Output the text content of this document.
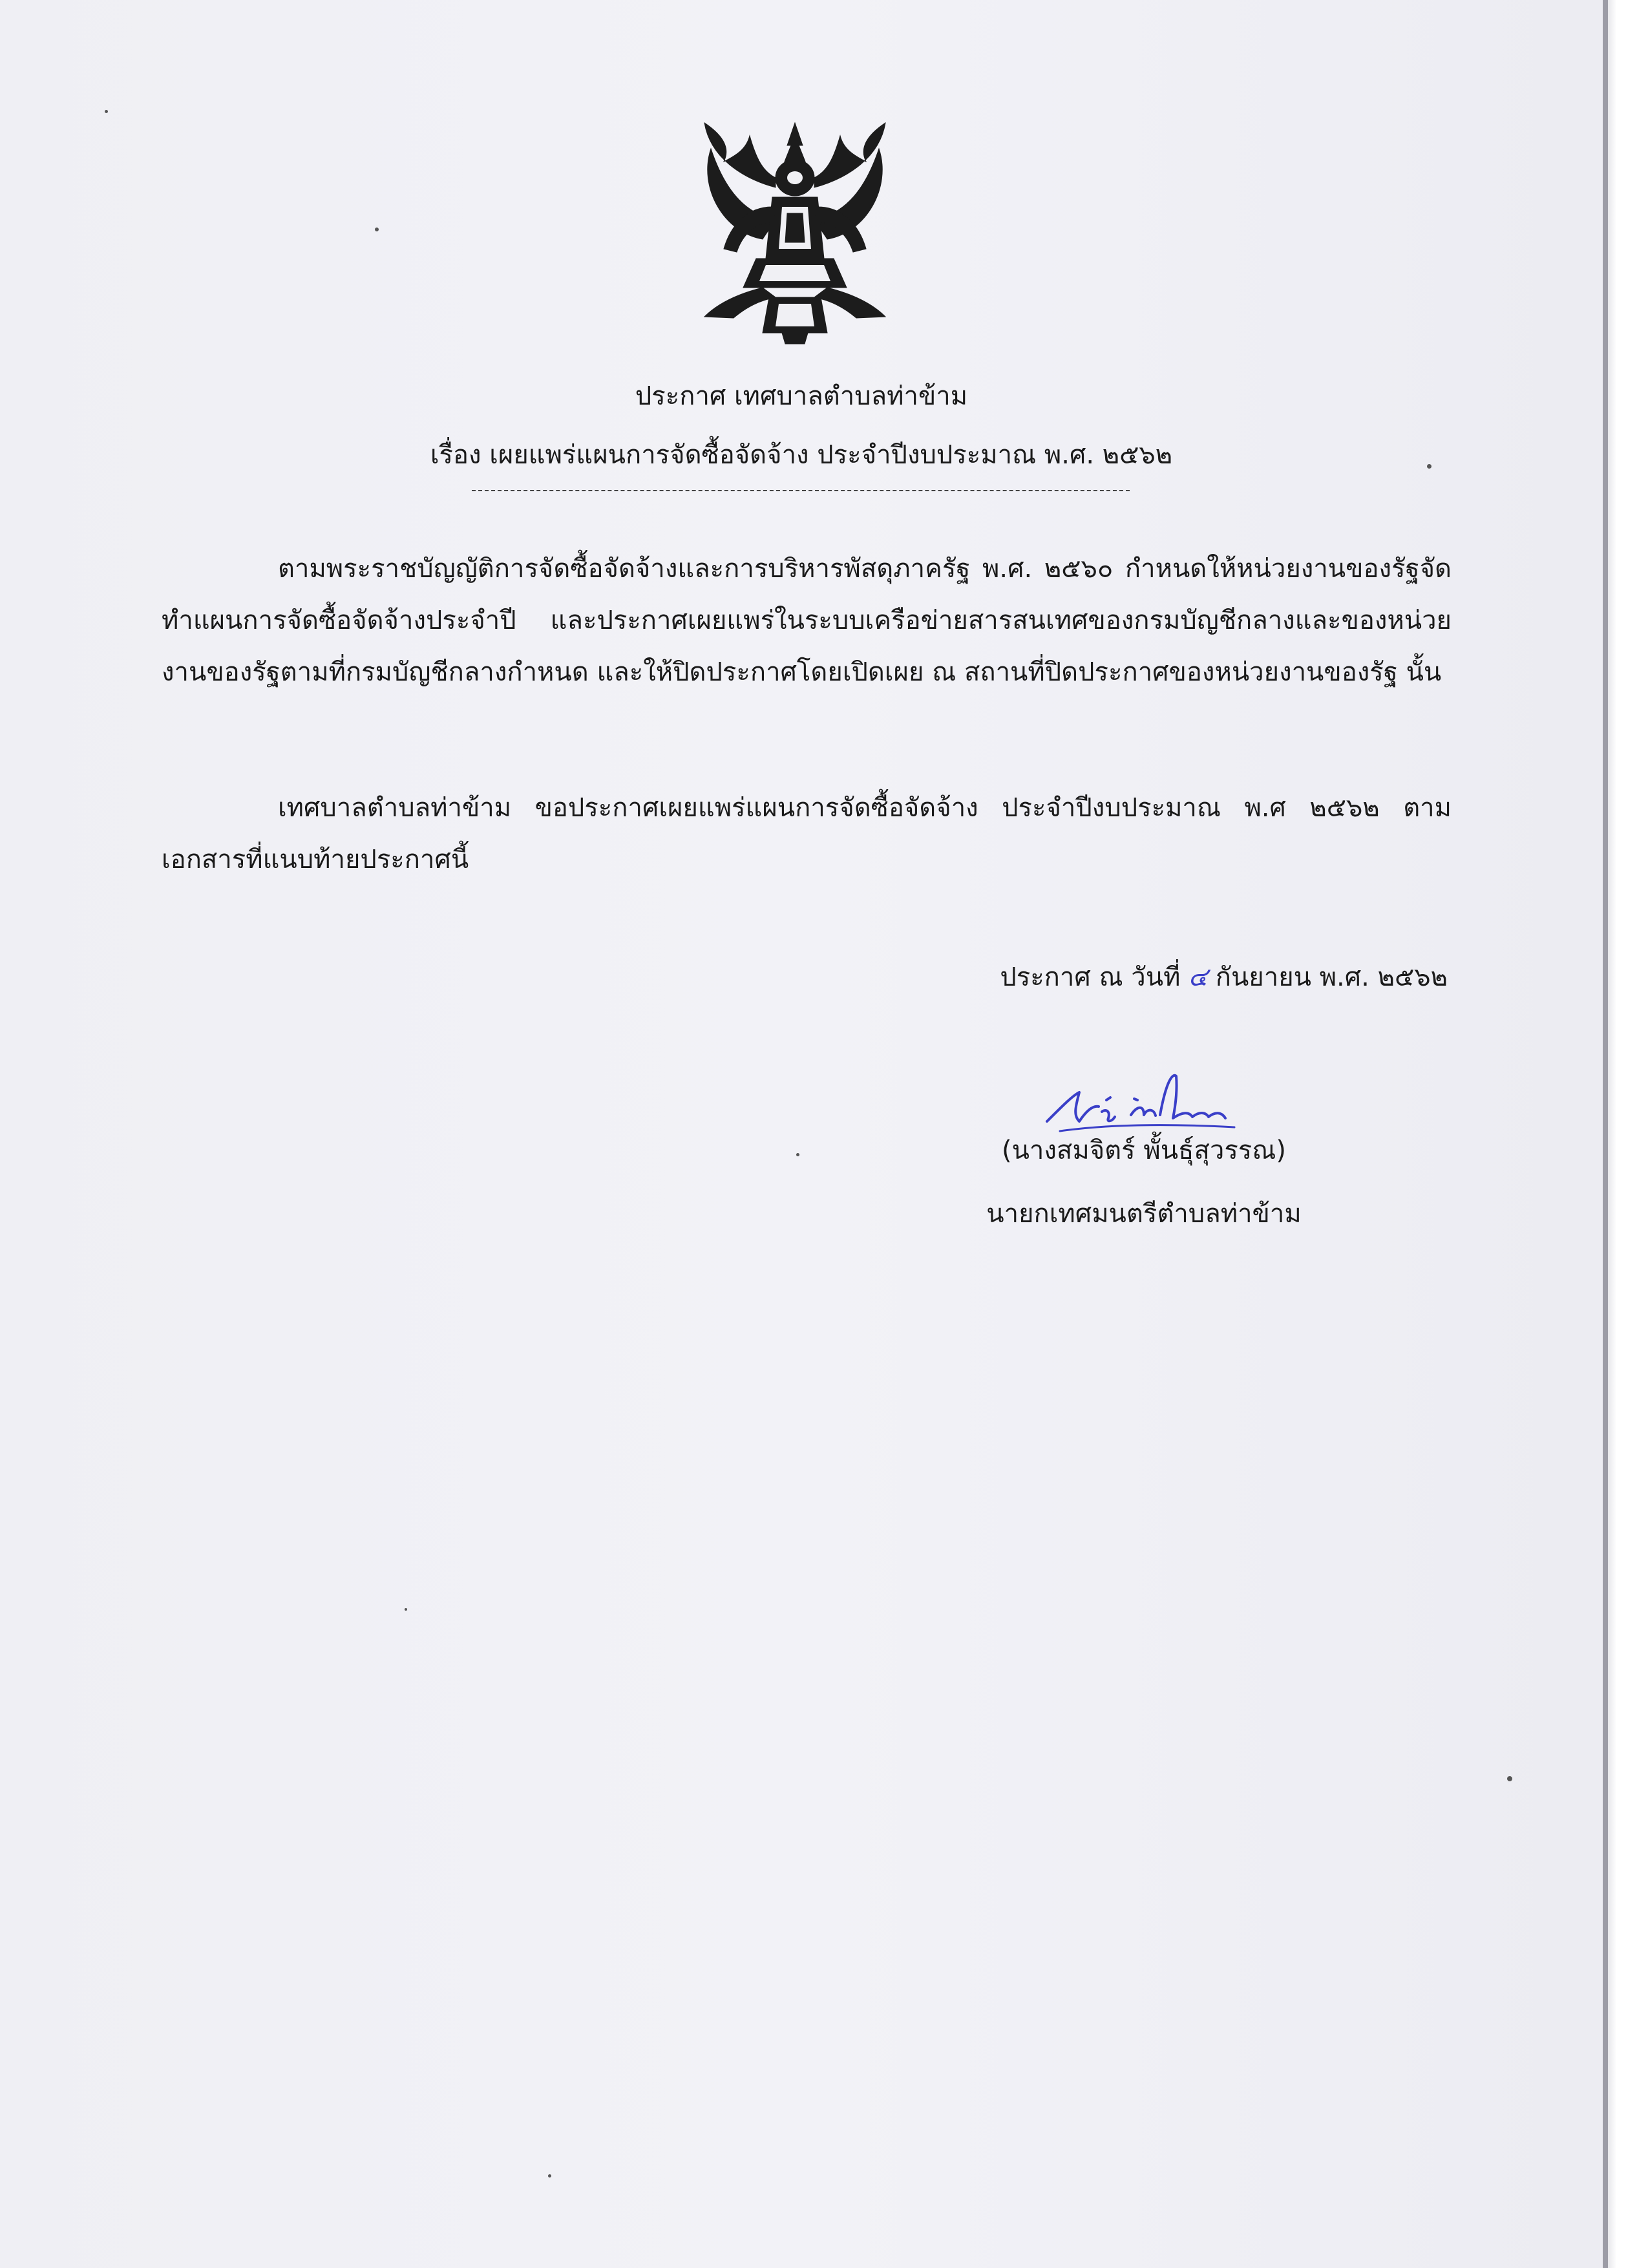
ประกาศ เทศบาลตำบลท่าข้าม
เรื่อง เผยแพร่แผนการจัดซื้อจัดจ้าง ประจำปีงบประมาณ พ.ศ. ๒๕๖๒
ตามพระราชบัญญัติการจัดซื้อจัดจ้างและการบริหารพัสดุภาครัฐ พ.ศ. ๒๕๖๐ กำหนดให้หน่วยงานของรัฐจัดทำแผนการจัดซื้อจัดจ้างประจำปี และประกาศเผยแพร่ในระบบเครือข่ายสารสนเทศของกรมบัญชีกลางและของหน่วยงานของรัฐตามที่กรมบัญชีกลางกำหนด และให้ปิดประกาศโดยเปิดเผย ณ สถานที่ปิดประกาศของหน่วยงานของรัฐ นั้น
เทศบาลตำบลท่าข้าม ขอประกาศเผยแพร่แผนการจัดซื้อจัดจ้าง ประจำปีงบประมาณ พ.ศ ๒๕๖๒ ตามเอกสารที่แนบท้ายประกาศนี้
ประกาศ ณ วันที่ ๔ กันยายน พ.ศ. ๒๕๖๒
(นางสมจิตร์ พั้นธุ์สุวรรณ)
นายกเทศมนตรีตำบลท่าข้าม
